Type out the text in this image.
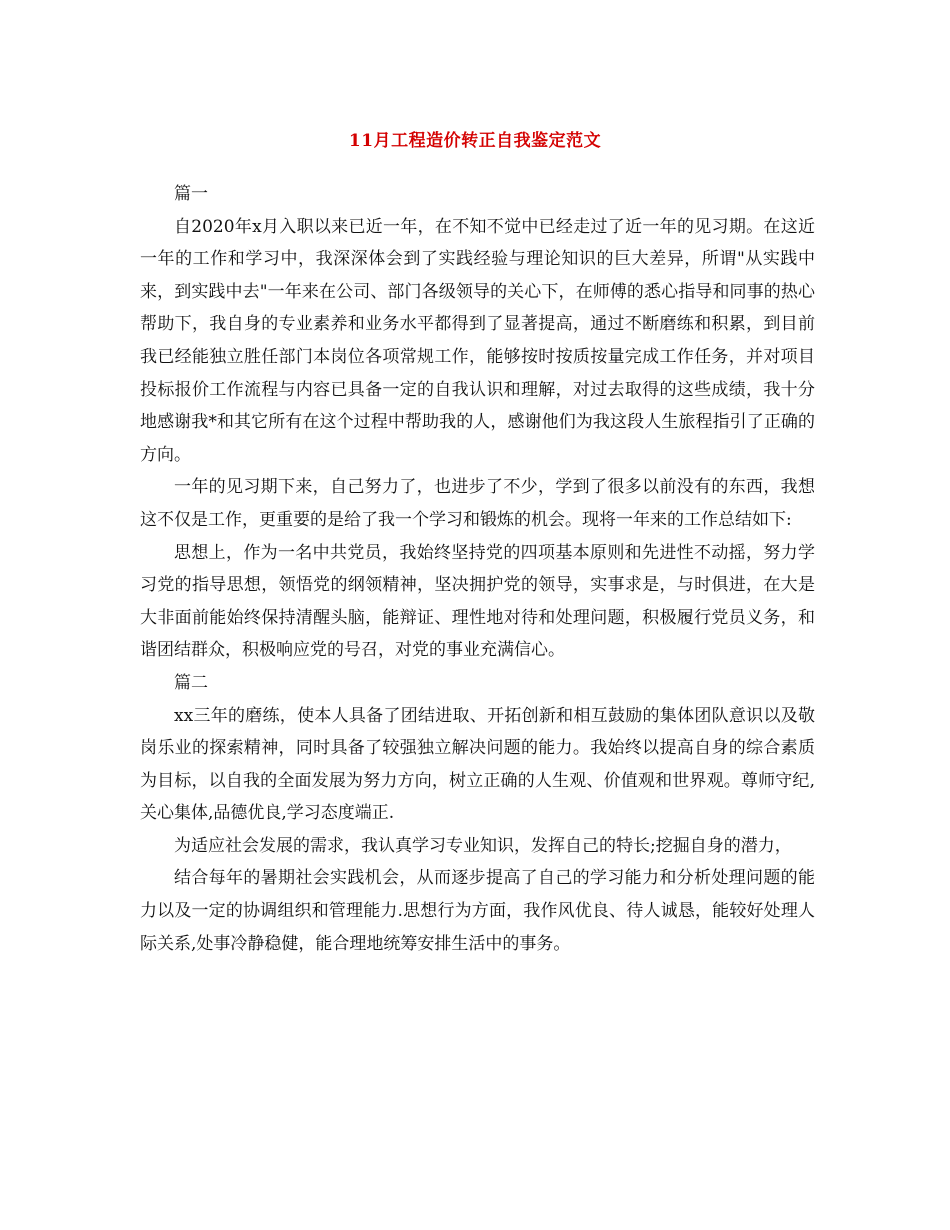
11月工程造价转正自我鉴定范文

篇一

自2020年x月入职以来已近一年，在不知不觉中已经走过了近一年的见习期。在这近一年的工作和学习中，我深深体会到了实践经验与理论知识的巨大差异，所谓"从实践中来，到实践中去"一年来在公司、部门各级领导的关心下，在师傅的悉心指导和同事的热心帮助下，我自身的专业素养和业务水平都得到了显著提高，通过不断磨练和积累，到目前我已经能独立胜任部门本岗位各项常规工作，能够按时按质按量完成工作任务，并对项目投标报价工作流程与内容已具备一定的自我认识和理解，对过去取得的这些成绩，我十分地感谢我*和其它所有在这个过程中帮助我的人，感谢他们为我这段人生旅程指引了正确的方向。

一年的见习期下来，自己努力了，也进步了不少，学到了很多以前没有的东西，我想这不仅是工作，更重要的是给了我一个学习和锻炼的机会。现将一年来的工作总结如下:

思想上，作为一名中共党员，我始终坚持党的四项基本原则和先进性不动摇，努力学习党的指导思想，领悟党的纲领精神，坚决拥护党的领导，实事求是，与时俱进，在大是大非面前能始终保持清醒头脑，能辩证、理性地对待和处理问题，积极履行党员义务，和谐团结群众，积极响应党的号召，对党的事业充满信心。

篇二

xx三年的磨练，使本人具备了团结进取、开拓创新和相互鼓励的集体团队意识以及敬岗乐业的探索精神，同时具备了较强独立解决问题的能力。我始终以提高自身的综合素质为目标，以自我的全面发展为努力方向，树立正确的人生观、价值观和世界观。尊师守纪,关心集体,品德优良,学习态度端正.

为适应社会发展的需求，我认真学习专业知识，发挥自己的特长;挖掘自身的潜力，

结合每年的暑期社会实践机会，从而逐步提高了自己的学习能力和分析处理问题的能力以及一定的协调组织和管理能力.思想行为方面，我作风优良、待人诚恳，能较好处理人际关系,处事冷静稳健，能合理地统筹安排生活中的事务。
